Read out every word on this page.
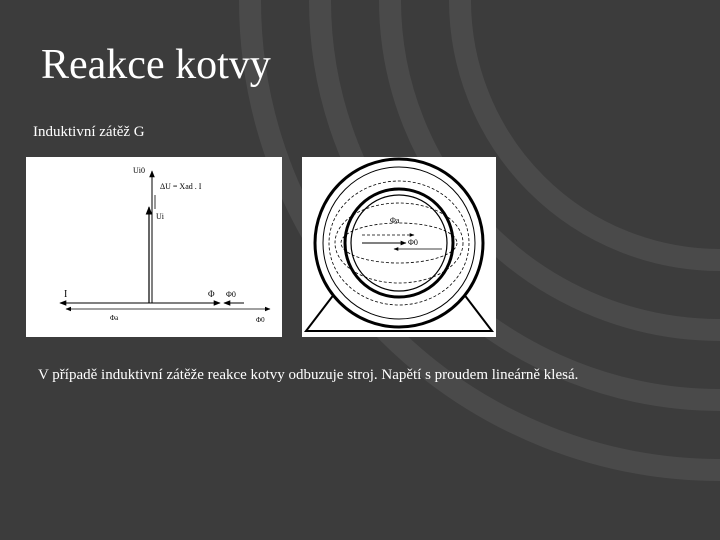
Reakce kotvy
Induktivní zátěž G
Ui0
ΔU = Xad . I
Ui
I	Φ Φ0
Φa	Φ0
Φa
Φ0
V případě induktivní zátěže reakce kotvy odbuzuje stroj. Napětí s proudem lineárně klesá.
